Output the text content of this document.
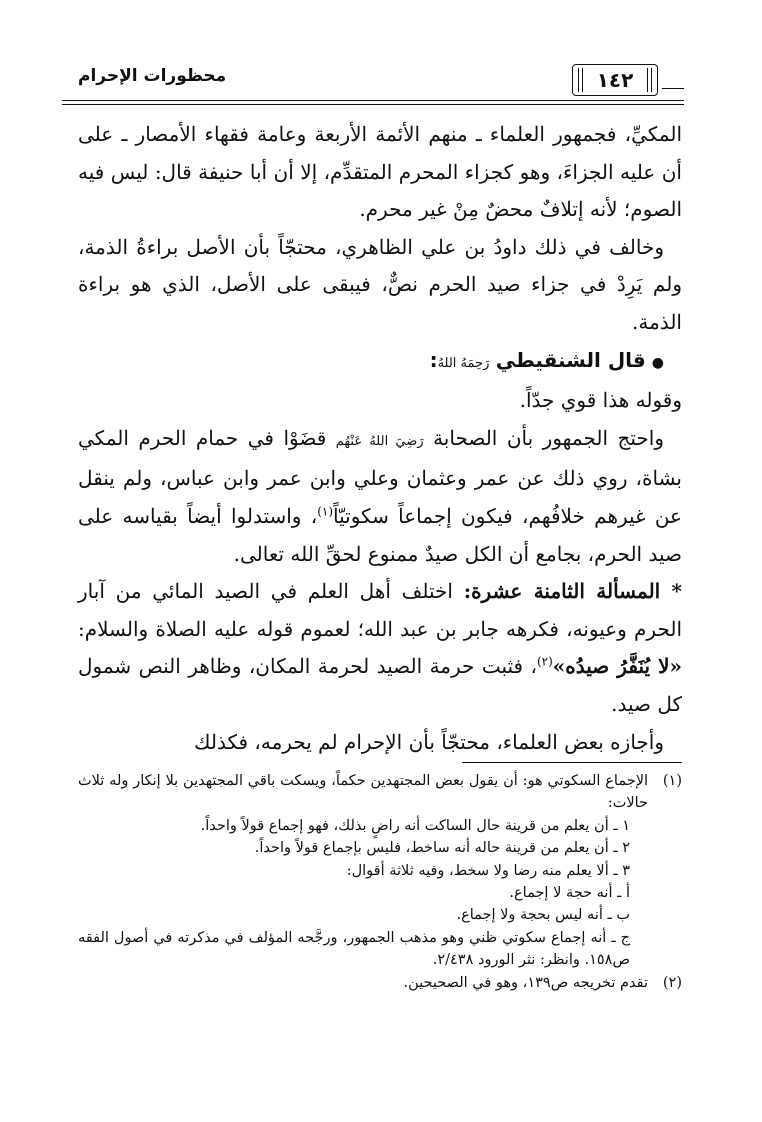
محظورات الإحرام	١٤٢

المكيِّ، فجمهور العلماء ـ منهم الأئمة الأربعة وعامة فقهاء الأمصار ـ على أن عليه الجزاءَ، وهو كجزاء المحرم المتقدِّم، إلا أن أبا حنيفة قال: ليس فيه الصوم؛ لأنه إتلافٌ محضٌ مِنْ غير محرم.

وخالف في ذلك داودُ بن علي الظاهري، محتجّاً بأن الأصل براءةُ الذمة، ولم يَرِدْ في جزاء صيد الحرم نصٌّ، فيبقى على الأصل، الذي هو براءة الذمة.

●قال الشنقيطي رَحِمَهُ اللهُ:

وقوله هذا قوي جدّاً.

واحتج الجمهور بأن الصحابة رَضِيَ اللهُ عَنْهُم قضَوْا في حمام الحرم المكي بشاة، روي ذلك عن عمر وعثمان وعلي وابن عمر وابن عباس، ولم ينقل عن غيرهم خلافُهم، فيكون إجماعاً سكوتيّاً$^{(١)}$، واستدلوا أيضاً بقياسه على صيد الحرم، بجامع أن الكل صيدٌ ممنوع لحقِّ الله تعالى.

* المسألة الثامنة عشرة: اختلف أهل العلم في الصيد المائي من آبار الحرم وعيونه، فكرهه جابر بن عبد الله؛ لعموم قوله عليه الصلاة والسلام: «لا يُنَفَّرُ صيدُه»$^{(٢)}$، فثبت حرمة الصيد لحرمة المكان، وظاهر النص شمول كل صيد.

وأجازه بعض العلماء، محتجّاً بأن الإحرام لم يحرمه، فكذلك

(١)
الإجماع السكوتي هو: أن يقول بعض المجتهدين حكماً، ويسكت باقي المجتهدين بلا إنكار وله ثلاث حالات:
١ ـ أن يعلم من قرينة حال الساكت أنه راضٍ بذلك، فهو إجماع قولاً واحداً.
٢ ـ أن يعلم من قرينة حاله أنه ساخط، فليس بإجماع قولاً واحداً.
٣ ـ ألا يعلم منه رضا ولا سخط، وفيه ثلاثة أقوال:
أ ـ أنه حجة لا إجماع.
ب ـ أنه ليس بحجة ولا إجماع.
ج ـ أنه إجماع سكوتي ظني وهو مذهب الجمهور، ورجَّحه المؤلف في مذكرته في أصول الفقه ص١٥٨. وانظر: نثر الورود ٢/٤٣٨.
(٢)
تقدم تخريجه ص١٣٩، وهو في الصحيحين.
